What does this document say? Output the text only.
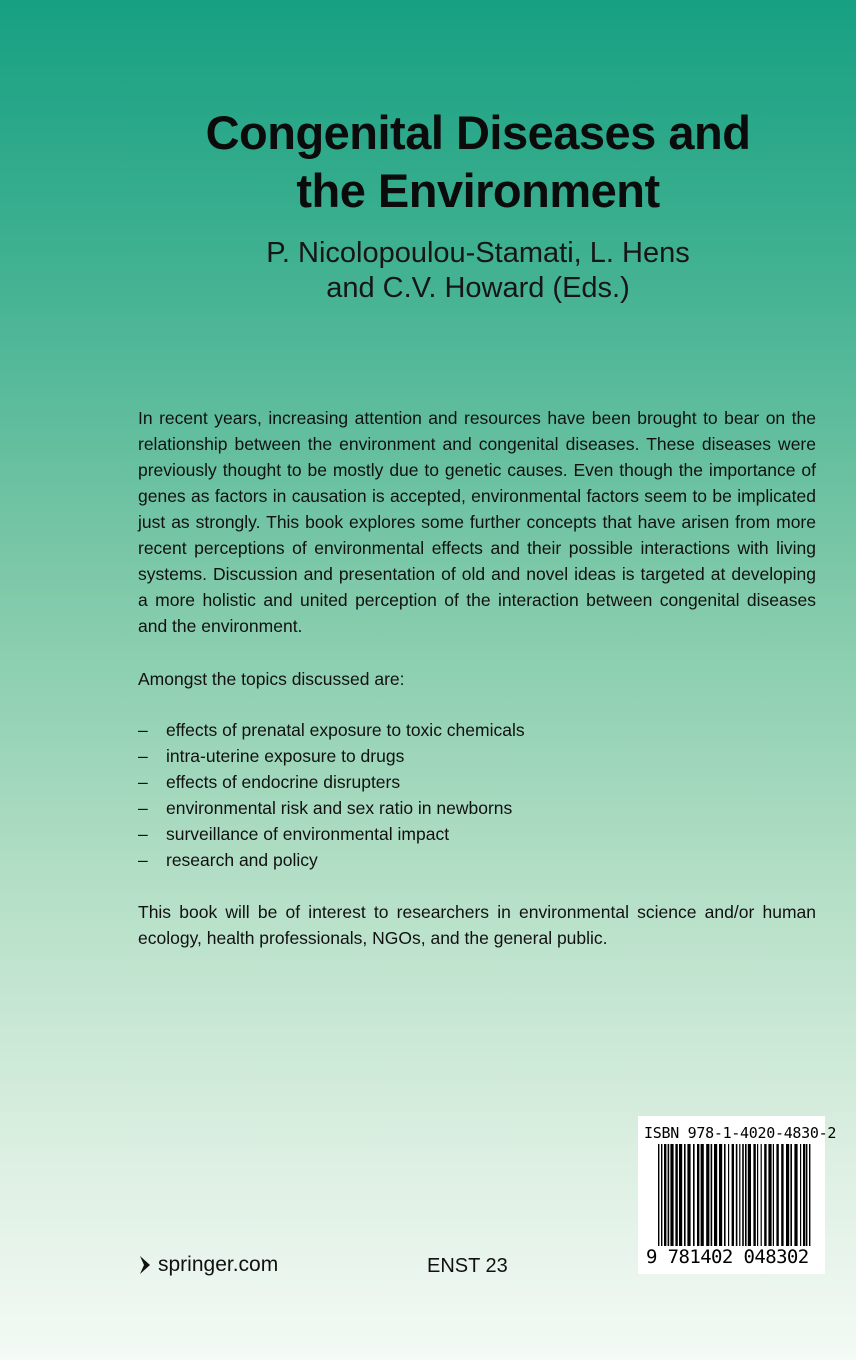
Congenital Diseases and
the Environment
P. Nicolopoulou-Stamati, L. Hens
and C.V. Howard (Eds.)

In recent years, increasing attention and resources have been brought to bear on the relationship between the environment and congenital diseases. These diseases were previously thought to be mostly due to genetic causes. Even though the importance of genes as factors in causation is accepted, environmental factors seem to be implicated just as strongly. This book explores some further concepts that have arisen from more recent perceptions of environmental effects and their possible interactions with living systems. Discussion and presentation of old and novel ideas is targeted at developing a more holistic and united perception of the interaction between congenital diseases and the environment.

Amongst the topics discussed are:

–	effects of prenatal exposure to toxic chemicals
–	intra-uterine exposure to drugs
–	effects of endocrine disrupters
–	environmental risk and sex ratio in newborns
–	surveillance of environmental impact
–	research and policy

This book will be of interest to researchers in environmental science and/or human ecology, health professionals, NGOs, and the general public.

ISBN 978-1-4020-4830-2
9 781402 048302
springer.com	ENST 23
